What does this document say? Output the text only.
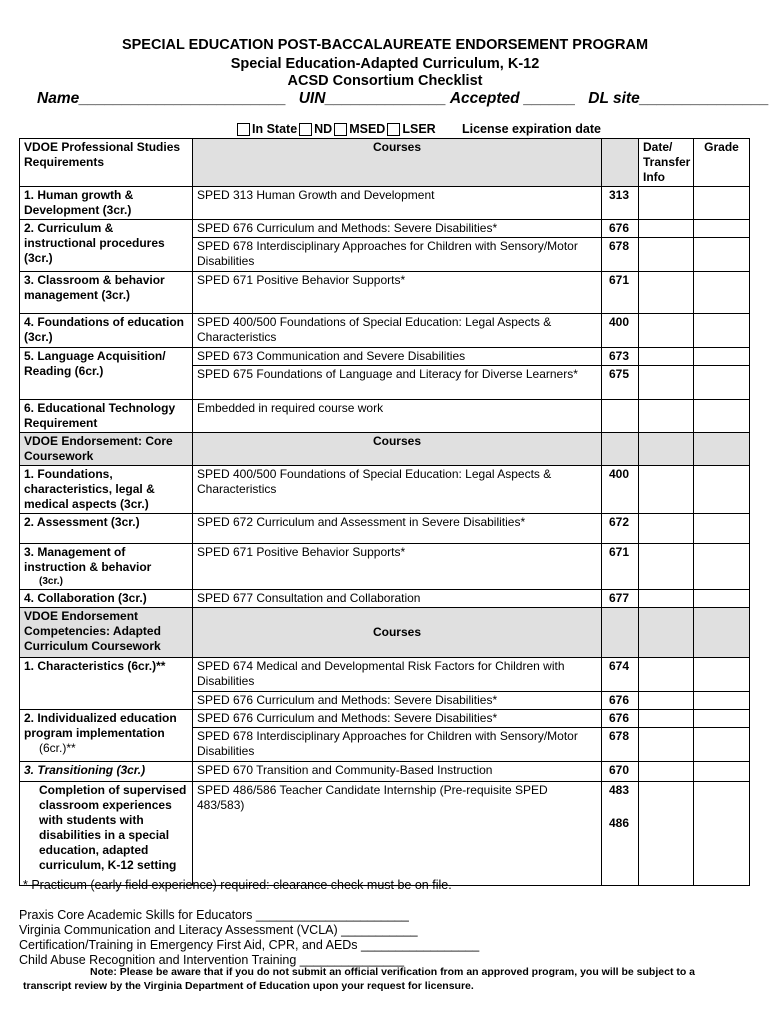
SPECIAL EDUCATION POST-BACCALAUREATE ENDORSEMENT PROGRAM
Special Education-Adapted Curriculum, K-12
ACSD Consortium Checklist
Name________________________ UIN______________ Accepted ______ DL site_______________
In State ND MSED LSER License expiration date
VDOE Professional Studies Requirements	Courses		Date/ Transfer Info	Grade
1. Human growth & Development (3cr.)	SPED 313 Human Growth and Development	313		
2. Curriculum & instructional procedures (3cr.)	SPED 676 Curriculum and Methods: Severe Disabilities*	676		
	SPED 678 Interdisciplinary Approaches for Children with Sensory/Motor Disabilities	678		
3. Classroom & behavior management (3cr.)	SPED 671 Positive Behavior Supports*	671		
4. Foundations of education (3cr.)	SPED 400/500 Foundations of Special Education: Legal Aspects & Characteristics	400		
5. Language Acquisition/ Reading (6cr.)	SPED 673 Communication and Severe Disabilities	673		
	SPED 675 Foundations of Language and Literacy for Diverse Learners*	675		
6. Educational Technology Requirement	Embedded in required course work			
VDOE Endorsement: Core Coursework	Courses			
1. Foundations, characteristics, legal & medical aspects (3cr.)	SPED 400/500 Foundations of Special Education: Legal Aspects & Characteristics	400		
2. Assessment (3cr.)	SPED 672 Curriculum and Assessment in Severe Disabilities*	672		
3. Management of instruction & behavior
(3cr.)	SPED 671 Positive Behavior Supports*	671		
4. Collaboration (3cr.)	SPED 677 Consultation and Collaboration	677		
VDOE Endorsement Competencies: Adapted Curriculum Coursework	Courses			
1. Characteristics (6cr.)**	SPED 674 Medical and Developmental Risk Factors for Children with Disabilities	674		
	SPED 676 Curriculum and Methods: Severe Disabilities*	676		
2. Individualized education program implementation
(6cr.)**	SPED 676 Curriculum and Methods: Severe Disabilities*	676		
	SPED 678 Interdisciplinary Approaches for Children with Sensory/Motor Disabilities	678		
3. Transitioning (3cr.)	SPED 670 Transition and Community-Based Instruction	670		
Completion of supervised classroom experiences with students with disabilities in a special education, adapted curriculum, K-12 setting	SPED 486/586 Teacher Candidate Internship (Pre-requisite SPED 483/583)	483
486		
* Practicum (early field experience) required: clearance check must be on file.
Praxis Core Academic Skills for Educators ______________________
Virginia Communication and Literacy Assessment (VCLA) ___________
Certification/Training in Emergency First Aid, CPR, and AEDs _________________
Child Abuse Recognition and Intervention Training _______________
Note: Please be aware that if you do not submit an official verification from an approved program, you will be subject to a
transcript review by the Virginia Department of Education upon your request for licensure.
